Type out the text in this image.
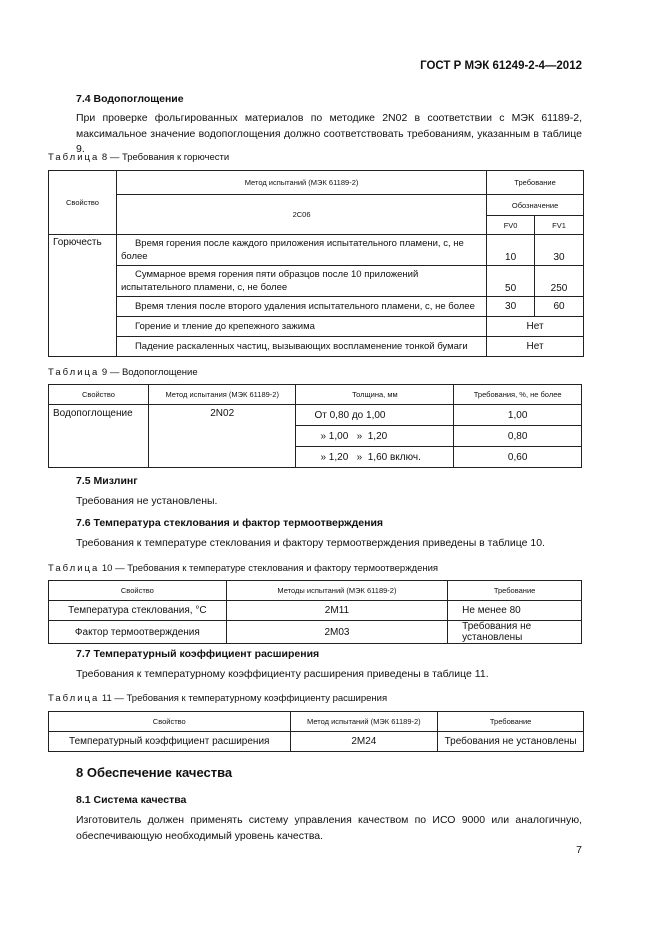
ГОСТ Р МЭК 61249-2-4—2012
7.4 Водопоглощение
При проверке фольгированных материалов по методике 2N02 в соответствии с МЭК 61189-2, максимальное значение водопоглощения должно соответствовать требованиям, указанным в таблице 9.
Таблица 8 — Требования к горючести
Свойство	Метод испытаний (МЭК 61189-2)	Требование	
	2С06	Обозначение	
		FV0	FV1
Горючесть	Время горения после каждого приложения испытательного пламени, с, не более	10	30
	Суммарное время горения пяти образцов после 10 приложений испытательного пламени, с, не более	50	250
	Время тления после второго удаления испытательного пламени, с, не более	30	60
	Горение и тление до крепежного зажима	Нет	
	Падение раскаленных частиц, вызывающих воспламенение тонкой бумаги	Нет	
Таблица 9 — Водопоглощение
Свойство	Метод испытания (МЭК 61189-2)	Толщина, мм	Требования, %, не более
Водопоглощение	2N02	От 0,80 до 1,00	1,00
		» 1,00   »  1,20	0,80
		» 1,20   »  1,60 включ.	0,60
7.5 Мизлинг
Требования не установлены.
7.6 Температура стеклования и фактор термоотверждения
Требования к температуре стеклования и фактору термоотверждения приведены в таблице 10.
Таблица 10 — Требования к температуре стеклования и фактору термоотверждения
Свойство	Методы испытаний (МЭК 61189-2)	Требование
Температура стеклования, °C	2M11	Не менее 80
Фактор термоотверждения	2M03	Требования не установлены
7.7 Температурный коэффициент расширения
Требования к температурному коэффициенту расширения приведены в таблице 11.
Таблица 11 — Требования к температурному коэффициенту расширения
Свойство	Метод испытаний (МЭК 61189-2)	Требование
Температурный коэффициент расширения	2M24	Требования не установлены
8 Обеспечение качества
8.1 Система качества
Изготовитель должен применять систему управления качеством по ИСО 9000 или аналогичную, обеспечивающую необходимый уровень качества.
7
